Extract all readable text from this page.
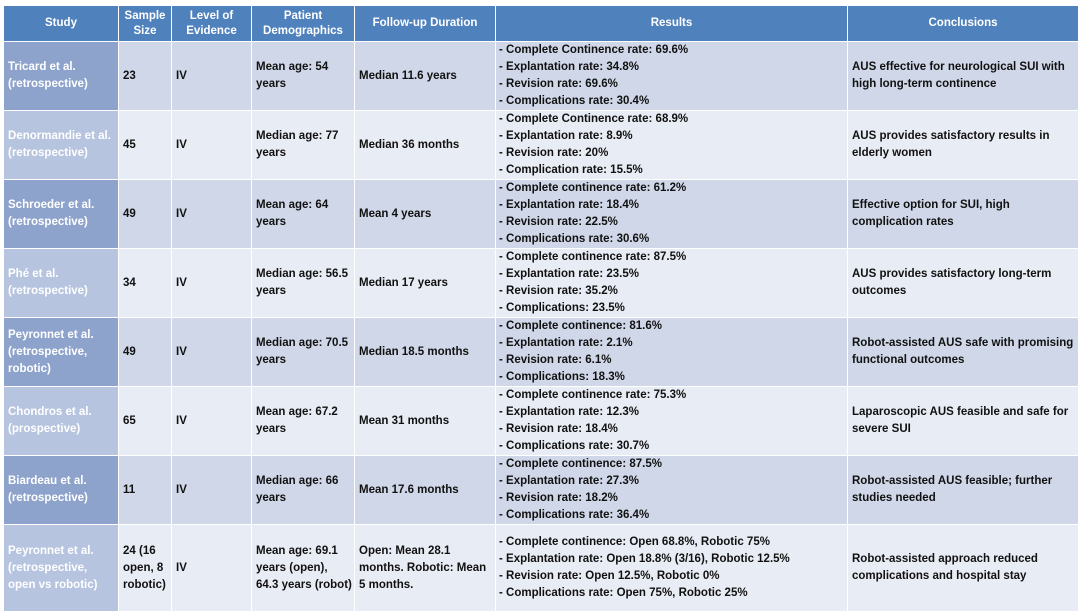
Study	Sample Size	Level of Evidence	Patient Demographics	Follow-up Duration	Results	Conclusions
Tricard et al. (retrospective)	23	IV	Mean age: 54 years	Median 11.6 years	- Complete Continence rate: 69.6%
- Explantation rate: 34.8%
- Revision rate: 69.6%
- Complications rate: 30.4%	AUS effective for neurological SUI with high long-term continence
Denormandie et al. (retrospective)	45	IV	Median age: 77 years	Median 36 months	- Complete Continence rate: 68.9%
- Explantation rate: 8.9%
- Revision rate: 20%
- Complication rate: 15.5%	AUS provides satisfactory results in elderly women
Schroeder et al. (retrospective)	49	IV	Mean age: 64 years	Mean 4 years	- Complete continence rate: 61.2%
- Explantation rate: 18.4%
- Revision rate: 22.5%
- Complications rate: 30.6%	Effective option for SUI, high complication rates
Phé et al. (retrospective)	34	IV	Median age: 56.5 years	Median 17 years	- Complete continence rate: 87.5%
- Explantation rate: 23.5%
- Revision rate: 35.2%
- Complications: 23.5%	AUS provides satisfactory long-term outcomes
Peyronnet et al. (retrospective, robotic)	49	IV	Median age: 70.5 years	Median 18.5 months	- Complete continence: 81.6%
- Explantation rate: 2.1%
- Revision rate: 6.1%
- Complications: 18.3%	Robot-assisted AUS safe with promising functional outcomes
Chondros et al. (prospective)	65	IV	Mean age: 67.2 years	Mean 31 months	- Complete continence rate: 75.3%
- Explantation rate: 12.3%
- Revision rate: 18.4%
- Complications rate: 30.7%	Laparoscopic AUS feasible and safe for severe SUI
Biardeau et al. (retrospective)	11	IV	Median age: 66 years	Mean 17.6 months	- Complete continence: 87.5%
- Explantation rate: 27.3%
- Revision rate: 18.2%
- Complications rate: 36.4%	Robot-assisted AUS feasible; further studies needed
Peyronnet et al. (retrospective, open vs robotic)	24 (16 open, 8 robotic)	IV	Mean age: 69.1 years (open), 64.3 years (robot)	Open: Mean 28.1 months. Robotic: Mean 5 months.	- Complete continence: Open 68.8%, Robotic 75%
- Explantation rate: Open 18.8% (3/16), Robotic 12.5%
- Revision rate: Open 12.5%, Robotic 0%
- Complications rate: Open 75%, Robotic 25%	Robot-assisted approach reduced complications and hospital stay
